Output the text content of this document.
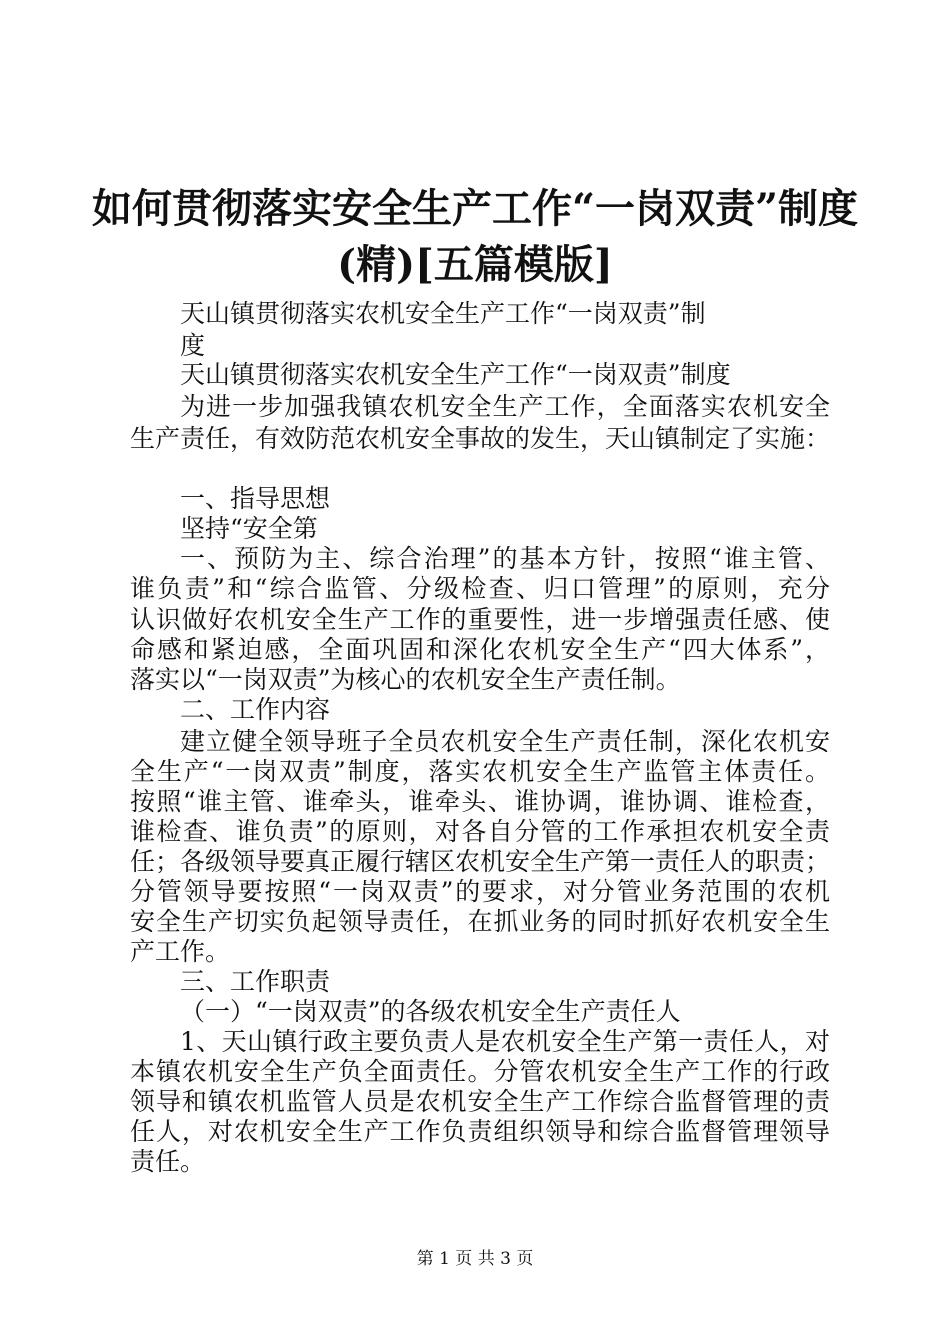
如何贯彻落实安全生产工作“一岗双责”制度
(精)[五篇模版]
天山镇贯彻落实农机安全生产工作“一岗双责”制
度
天山镇贯彻落实农机安全生产工作“一岗双责”制度
为进一步加强我镇农机安全生产工作，全面落实农机安全
生产责任，有效防范农机安全事故的发生，天山镇制定了实施：
一、指导思想
坚持“安全第
一、预防为主、综合治理”的基本方针，按照“谁主管、
谁负责”和“综合监管、分级检查、归口管理”的原则，充分
认识做好农机安全生产工作的重要性，进一步增强责任感、使
命感和紧迫感，全面巩固和深化农机安全生产“四大体系”，
落实以“一岗双责”为核心的农机安全生产责任制。
二、工作内容
建立健全领导班子全员农机安全生产责任制，深化农机安
全生产“一岗双责”制度，落实农机安全生产监管主体责任。
按照“谁主管、谁牵头，谁牵头、谁协调，谁协调、谁检查，
谁检查、谁负责”的原则，对各自分管的工作承担农机安全责
任；各级领导要真正履行辖区农机安全生产第一责任人的职责；
分管领导要按照“一岗双责”的要求，对分管业务范围的农机
安全生产切实负起领导责任，在抓业务的同时抓好农机安全生
产工作。
三、工作职责
（一）“一岗双责”的各级农机安全生产责任人
1、天山镇行政主要负责人是农机安全生产第一责任人，对
本镇农机安全生产负全面责任。分管农机安全生产工作的行政
领导和镇农机监管人员是农机安全生产工作综合监督管理的责
任人，对农机安全生产工作负责组织领导和综合监督管理领导
责任。
第 1 页 共 3 页
